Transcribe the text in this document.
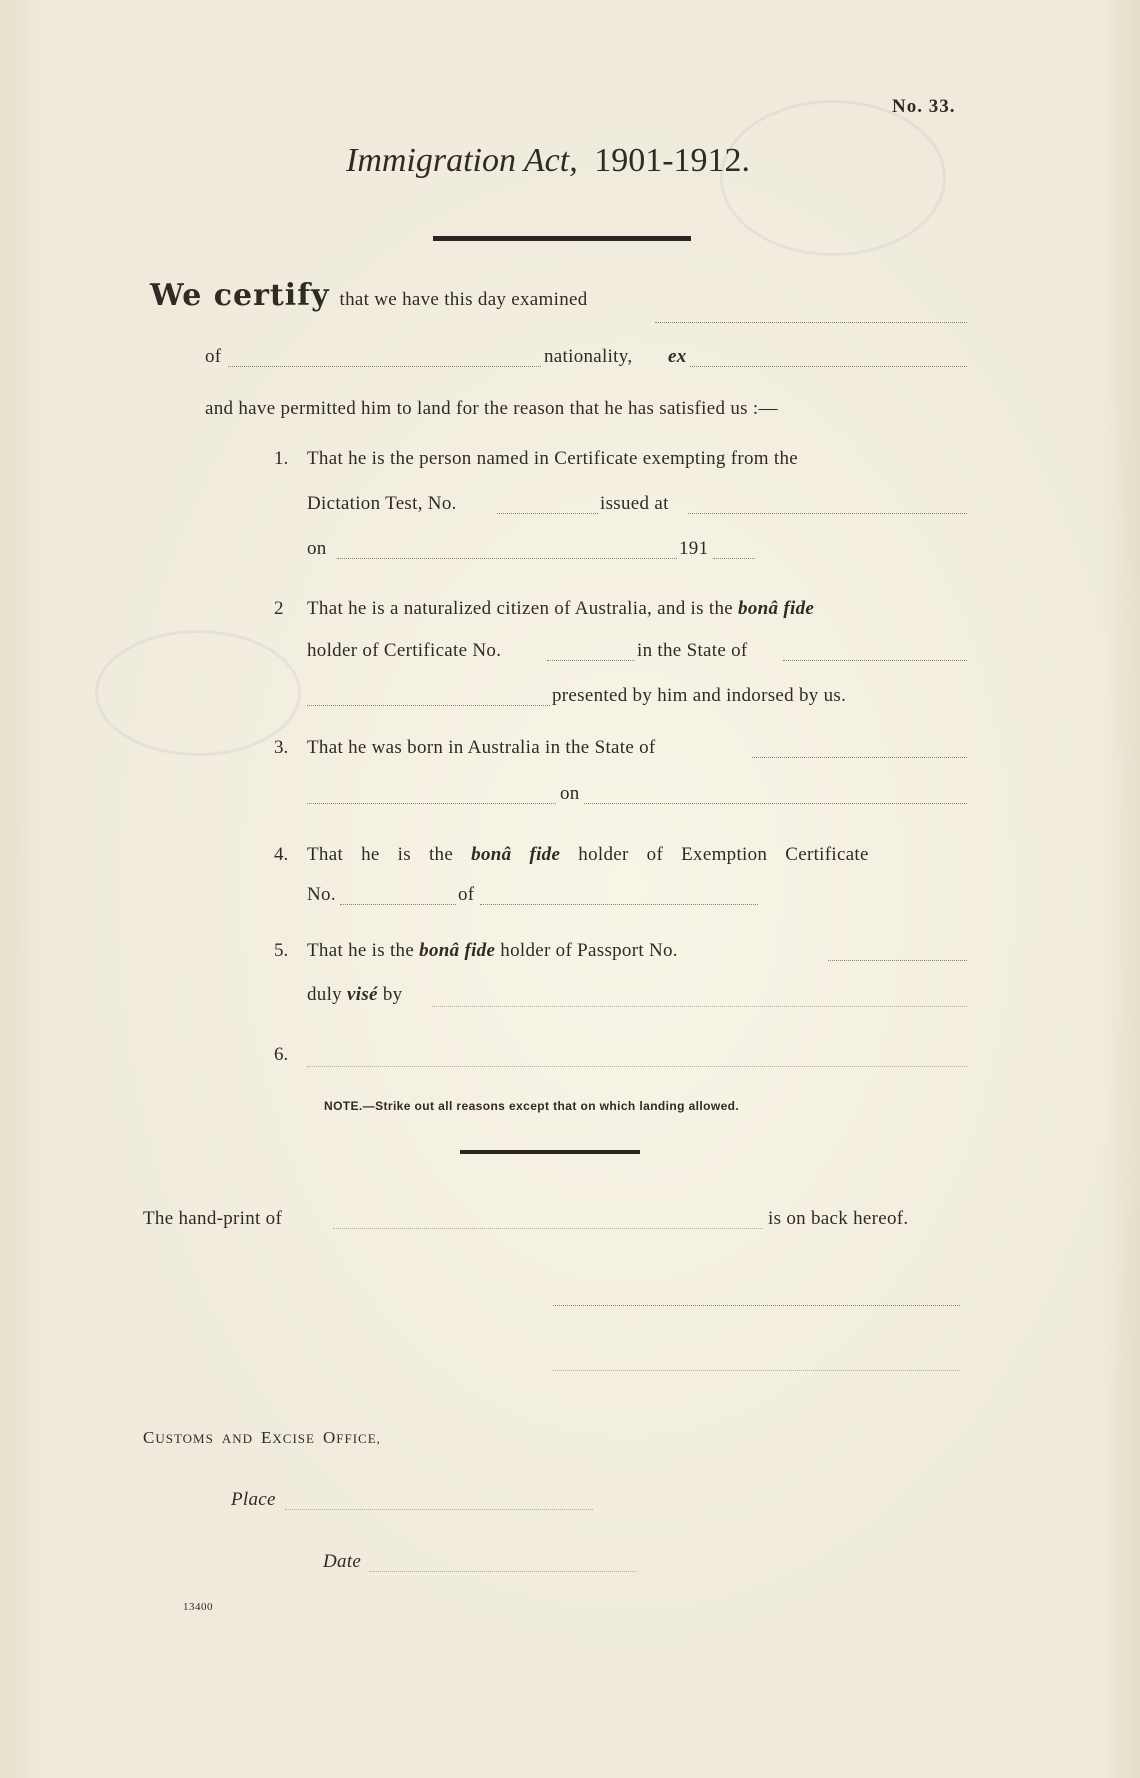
No. 33.
Immigration Act, 1901-1912.
We certify that we have this day examined
of	nationality, ex
and have permitted him to land for the reason that he has satisfied us :—
1. That he is the person named in Certificate exempting from the
Dictation Test, No.	issued at
on	191
2 That he is a naturalized citizen of Australia, and is the bonâ fide
holder of Certificate No.	in the State of
presented by him and indorsed by us.
3. That he was born in Australia in the State of
on
4. That he is the bonâ fide holder of Exemption Certificate
No.	of
5. That he is the bonâ fide holder of Passport No.
duly visé by
6.
NOTE.—Strike out all reasons except that on which landing allowed.
The hand-print of	is on back hereof.
CUSTOMS AND EXCISE OFFICE,
Place
Date
13400
